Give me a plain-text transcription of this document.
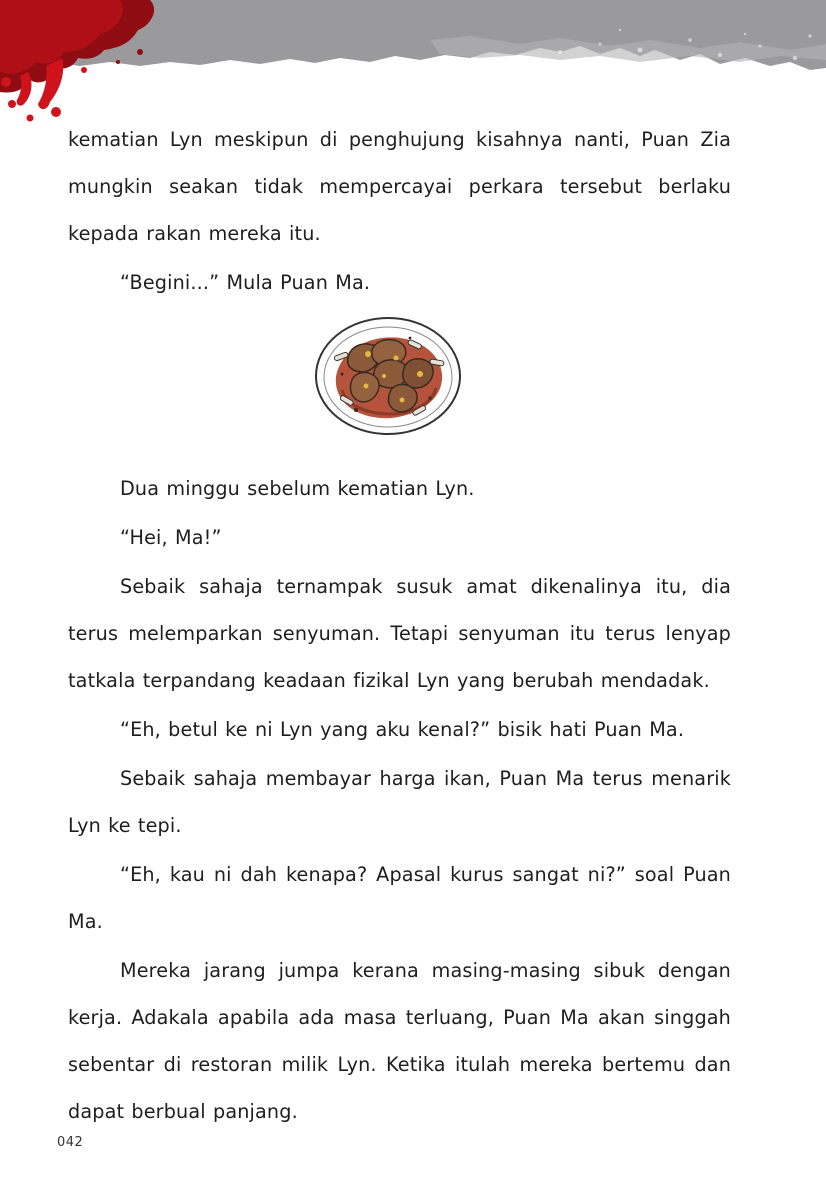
kematian Lyn meskipun di penghujung kisahnya nanti, Puan Zia mungkin seakan tidak mempercayai perkara tersebut berlaku kepada rakan mereka itu.

“Begini...” Mula Puan Ma.

Dua minggu sebelum kematian Lyn.

“Hei, Ma!”

Sebaik sahaja ternampak susuk amat dikenalinya itu, dia terus melemparkan senyuman. Tetapi senyuman itu terus lenyap tatkala terpandang keadaan fizikal Lyn yang berubah mendadak.

“Eh, betul ke ni Lyn yang aku kenal?” bisik hati Puan Ma.

Sebaik sahaja membayar harga ikan, Puan Ma terus menarik Lyn ke tepi.

“Eh, kau ni dah kenapa? Apasal kurus sangat ni?” soal Puan Ma.

Mereka jarang jumpa kerana masing-masing sibuk dengan kerja. Adakala apabila ada masa terluang, Puan Ma akan singgah sebentar di restoran milik Lyn. Ketika itulah mereka bertemu dan dapat berbual panjang.

042
